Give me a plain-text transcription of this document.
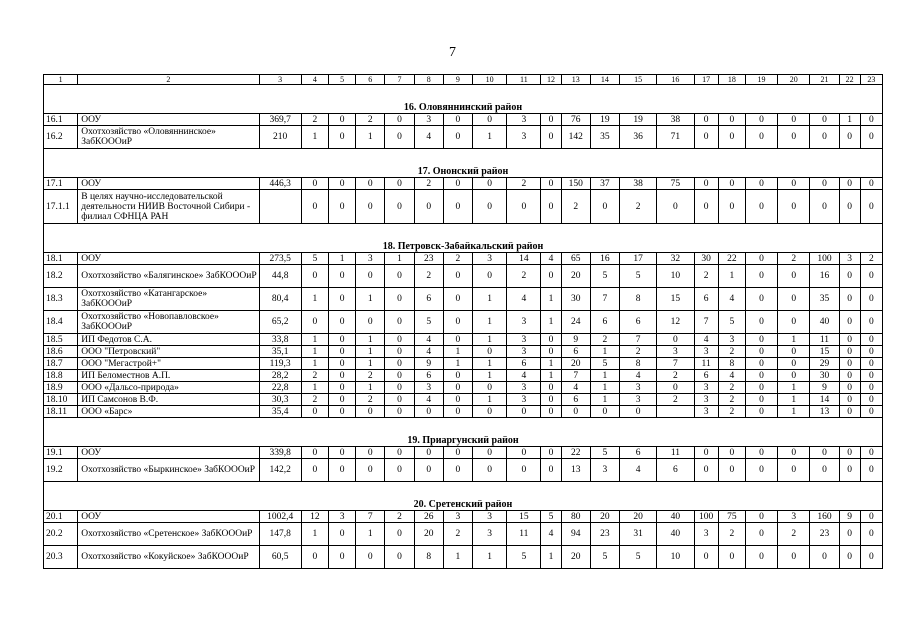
7
1	2	3	4	5	6	7	8	9	10	11	12	13	14	15	16	17	18	19	20	21	22	23

16. Оловяннинский район																						
16.1	ООУ	369,7	2	0	2	0	3	0	0	3	0	76	19	19	38	0	0	0	0	0	1	0
16.2	Охотхозяйство «Оловяннинское» ЗабКОООиР	210	1	0	1	0	4	0	1	3	0	142	35	36	71	0	0	0	0	0	0	0

17. Ононский район																						
17.1	ООУ	446,3	0	0	0	0	2	0	0	2	0	150	37	38	75	0	0	0	0	0	0	0
17.1.1	В целях научно-исследовательской деятельности НИИВ Восточной Сибири - филиал СФНЦА РАН		0	0	0	0	0	0	0	0	0	2	0	2	0	0	0	0	0	0	0	0

18. Петровск-Забайкальский район																						
18.1	ООУ	273,5	5	1	3	1	23	2	3	14	4	65	16	17	32	30	22	0	2	100	3	2
18.2	Охотхозяйство «Балягинское» ЗабКОООиР	44,8	0	0	0	0	2	0	0	2	0	20	5	5	10	2	1	0	0	16	0	0
18.3	Охотхозяйство «Катангарское» ЗабКОООиР	80,4	1	0	1	0	6	0	1	4	1	30	7	8	15	6	4	0	0	35	0	0
18.4	Охотхозяйство «Новопавловское» ЗабКОООиР	65,2	0	0	0	0	5	0	1	3	1	24	6	6	12	7	5	0	0	40	0	0
18.5	ИП Федотов С.А.	33,8	1	0	1	0	4	0	1	3	0	9	2	7	0	4	3	0	1	11	0	0
18.6	ООО "Петровский"	35,1	1	0	1	0	4	1	0	3	0	6	1	2	3	3	2	0	0	15	0	0
18.7	ООО "Мегастрой+"	119,3	1	0	1	0	9	1	1	6	1	20	5	8	7	11	8	0	0	29	0	0
18.8	ИП Беломестнов А.П.	28,2	2	0	2	0	6	0	1	4	1	7	1	4	2	6	4	0	0	30	0	0
18.9	ООО «Дальсо-природа»	22,8	1	0	1	0	3	0	0	3	0	4	1	3	0	3	2	0	1	9	0	0
18.10	ИП Самсонов В.Ф.	30,3	2	0	2	0	4	0	1	3	0	6	1	3	2	3	2	0	1	14	0	0
18.11	ООО «Барс»	35,4	0	0	0	0	0	0	0	0	0	0	0	0		3	2	0	1	13	0	0

19. Приаргунский район																						
19.1	ООУ	339,8	0	0	0	0	0	0	0	0	0	22	5	6	11	0	0	0	0	0	0	0
19.2	Охотхозяйство «Быркинское» ЗабКОООиР	142,2	0	0	0	0	0	0	0	0	0	13	3	4	6	0	0	0	0	0	0	0

20. Сретенский район																						
20.1	ООУ	1002,4	12	3	7	2	26	3	3	15	5	80	20	20	40	100	75	0	3	160	9	0
20.2	Охотхозяйство «Сретенское» ЗабКОООиР	147,8	1	0	1	0	20	2	3	11	4	94	23	31	40	3	2	0	2	23	0	0
20.3	Охотхозяйство «Кокуйское» ЗабКОООиР	60,5	0	0	0	0	8	1	1	5	1	20	5	5	10	0	0	0	0	0	0	0
